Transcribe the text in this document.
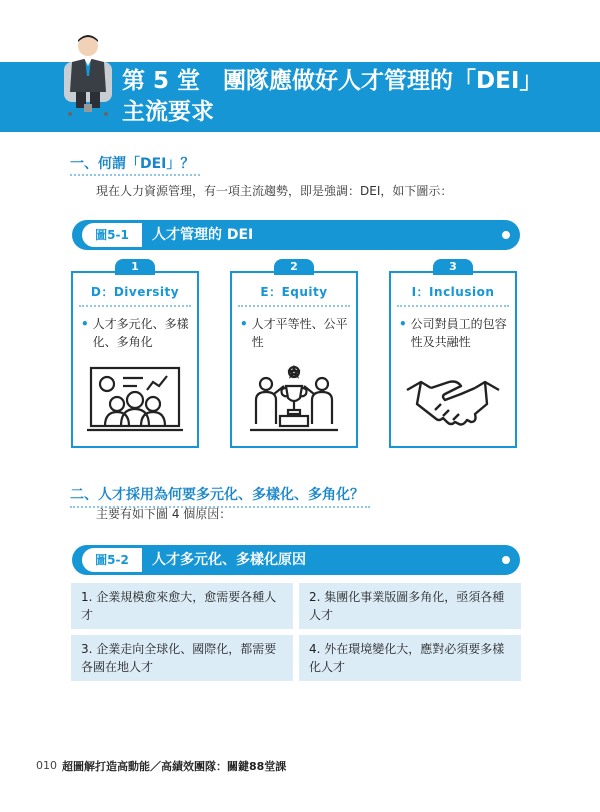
第 5 堂　團隊應做好人才管理的「DEI」
主流要求
一、何謂「DEI」？
現在人力資源管理，有一項主流趨勢，即是強調：DEI，如下圖示：
圖5-1	人才管理的 DEI
1
D：Diversity
• 人才多元化、多樣化、多角化
2
E：Equity
• 人才平等性、公平性
3
I：Inclusion
• 公司對員工的包容性及共融性
二、人才採用為何要多元化、多樣化、多角化？
主要有如下圖 4 個原因：
圖5-2	人才多元化、多樣化原因
1. 企業規模愈來愈大，愈需要各種人才
2. 集團化事業版圖多角化，亟須各種人才
3. 企業走向全球化、國際化，都需要各國在地人才
4. 外在環境變化大，應對必須要多樣化人才
010 超圖解打造高動能／高績效團隊：關鍵88堂課
